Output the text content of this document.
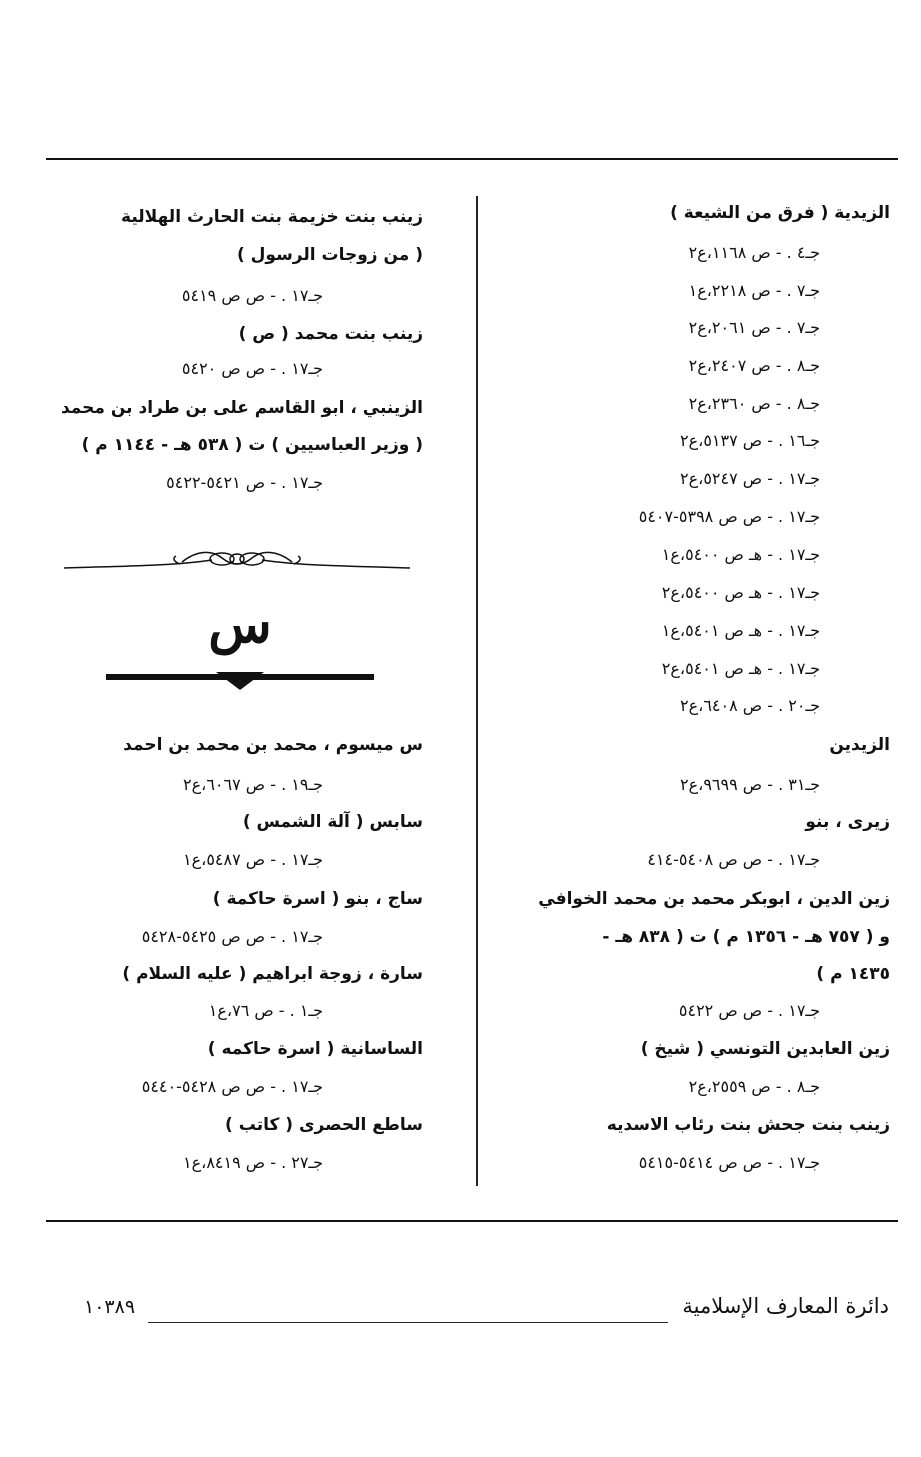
الزيدية ( فرق من الشيعة )
جـ٤ . - ص ١١٦٨،ع٢
جـ٧ . - ص ٢٢١٨،ع١
جـ٧ . - ص ٢٠٦١،ع٢
جـ٨ . - ص ٢٤٠٧،ع٢
جـ٨ . - ص ٢٣٦٠،ع٢
جـ١٦ . - ص ٥١٣٧،ع٢
جـ١٧ . - ص ٥٢٤٧،ع٢
جـ١٧ . - ص ص ٥٣٩٨-٥٤٠٧
جـ١٧ . - هـ ص ٥٤٠٠،ع١
جـ١٧ . - هـ ص ٥٤٠٠،ع٢
جـ١٧ . - هـ ص ٥٤٠١،ع١
جـ١٧ . - هـ ص ٥٤٠١،ع٢
جـ٢٠ . - ص ٦٤٠٨،ع٢
الزيدين
جـ٣١ . - ص ٩٦٩٩،ع٢
زيرى ، بنو
جـ١٧ . - ص ص ٥٤٠٨-٤١٤
زين الدين ، ابوبكر محمد بن محمد الخوافي
و ( ٧٥٧ هـ - ١٣٥٦ م ) ت ( ٨٣٨ هـ -
١٤٣٥ م )
جـ١٧ . - ص ص ٥٤٢٢
زين العابدين التونسي ( شيخ )
جـ٨ . - ص ٢٥٥٩،ع٢
زينب بنت جحش بنت رئاب الاسديه
جـ١٧ . - ص ص ٥٤١٤-٥٤١٥
زينب بنت خزيمة بنت الحارث الهلالية
( من زوجات الرسول )
جـ١٧ . - ص ص ٥٤١٩
زينب بنت محمد ( ص )
جـ١٧ . - ص ص ٥٤٢٠
الزينبي ، ابو القاسم على بن طراد بن محمد
( وزير العباسيين ) ت ( ٥٣٨ هـ - ١١٤٤ م )
جـ١٧ . - ص ٥٤٢١-٥٤٢٢
س ميسوم ، محمد بن محمد بن احمد
جـ١٩ . - ص ٦٠٦٧،ع٢
سابس ( آلة الشمس )
جـ١٧ . - ص ٥٤٨٧،ع١
ساج ، بنو ( اسرة حاكمة )
جـ١٧ . - ص ص ٥٤٢٥-٥٤٢٨
سارة ، زوجة ابراهيم ( عليه السلام )
جـ١ . - ص ٧٦،ع١
الساسانية ( اسرة حاكمه )
جـ١٧ . - ص ص ٥٤٢٨-٥٤٤٠
ساطع الحصرى ( كاتب )
جـ٢٧ . - ص ٨٤١٩،ع١
س
دائرة المعارف الإسلامية
١٠٣٨٩
